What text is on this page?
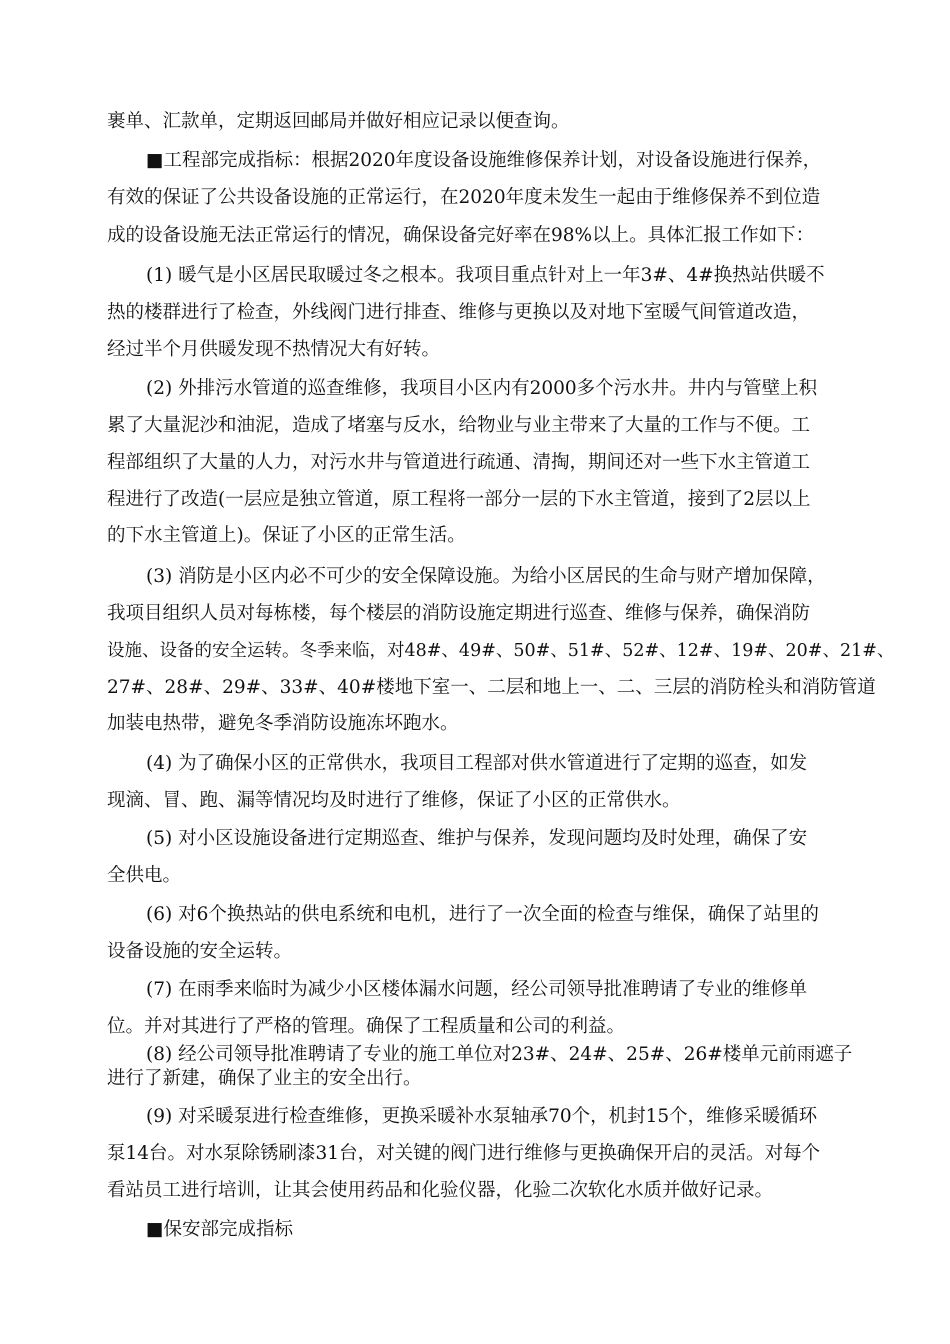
裹单、汇款单，定期返回邮局并做好相应记录以便查询。
■工程部完成指标：根据2020年度设备设施维修保养计划，对设备设施进行保养，
有效的保证了公共设备设施的正常运行，在2020年度未发生一起由于维修保养不到位造
成的设备设施无法正常运行的情况，确保设备完好率在98%以上。具体汇报工作如下：
(1) 暖气是小区居民取暖过冬之根本。我项目重点针对上一年3#、4#换热站供暖不
热的楼群进行了检查，外线阀门进行排查、维修与更换以及对地下室暖气间管道改造，
经过半个月供暖发现不热情况大有好转。
(2) 外排污水管道的巡查维修，我项目小区内有2000多个污水井。井内与管壁上积
累了大量泥沙和油泥，造成了堵塞与反水，给物业与业主带来了大量的工作与不便。工
程部组织了大量的人力，对污水井与管道进行疏通、清掏，期间还对一些下水主管道工
程进行了改造(一层应是独立管道，原工程将一部分一层的下水主管道，接到了2层以上
的下水主管道上)。保证了小区的正常生活。
(3) 消防是小区内必不可少的安全保障设施。为给小区居民的生命与财产增加保障，
我项目组织人员对每栋楼，每个楼层的消防设施定期进行巡查、维修与保养，确保消防
设施、设备的安全运转。冬季来临，对48#、49#、50#、51#、52#、12#、19#、20#、21#、
27#、28#、29#、33#、40#楼地下室一、二层和地上一、二、三层的消防栓头和消防管道
加装电热带，避免冬季消防设施冻坏跑水。
(4) 为了确保小区的正常供水，我项目工程部对供水管道进行了定期的巡查，如发
现滴、冒、跑、漏等情况均及时进行了维修，保证了小区的正常供水。
(5) 对小区设施设备进行定期巡查、维护与保养，发现问题均及时处理，确保了安
全供电。
(6) 对6个换热站的供电系统和电机，进行了一次全面的检查与维保，确保了站里的
设备设施的安全运转。
(7) 在雨季来临时为减少小区楼体漏水问题，经公司领导批准聘请了专业的维修单
位。并对其进行了严格的管理。确保了工程质量和公司的利益。
(8) 经公司领导批准聘请了专业的施工单位对23#、24#、25#、26#楼单元前雨遮子
进行了新建，确保了业主的安全出行。
(9) 对采暖泵进行检查维修，更换采暖补水泵轴承70个，机封15个，维修采暖循环
泵14台。对水泵除锈刷漆31台，对关键的阀门进行维修与更换确保开启的灵活。对每个
看站员工进行培训，让其会使用药品和化验仪器，化验二次软化水质并做好记录。
■保安部完成指标
